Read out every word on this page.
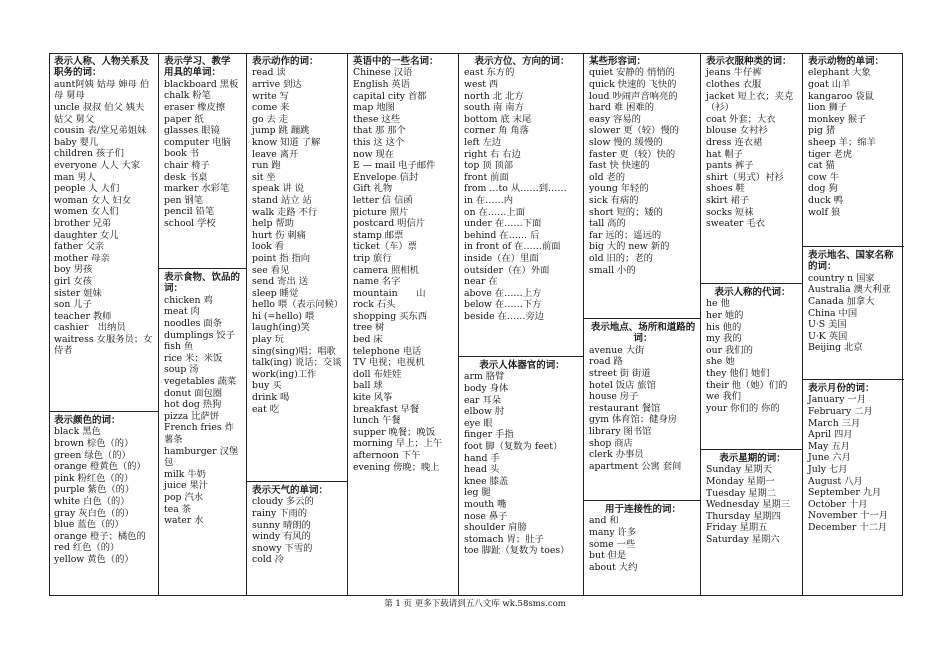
表示人称、人物关系及职务的词：
aunt阿姨 姑母 婶母 伯母 舅母
uncle 叔叔 伯父 姨夫 姑父 舅父
cousin 表/堂兄弟姐妹
baby 婴儿
children 孩子们
everyone 人人 大家
man 男人
people 人 人们
woman 女人 妇女
women 女人们
brother 兄弟
daughter 女儿
father 父亲
mother 母亲
boy 男孩
girl 女孩
sister 姐妹
son 儿子
teacher 教师
cashier　出纳员
waitress 女服务员；女侍者
表示颜色的词：
black 黑色
brown 棕色（的）
green 绿色（的）
orange 橙黄色（的）
pink 粉红色（的）
purple 紫色（的）
white 白色（的）
gray 灰白色（的）
blue 蓝色（的）
orange 橙子；橘色的
red 红色（的）
yellow 黄色（的）
表示学习、教学
用具的单词：
blackboard 黑板
chalk 粉笔
eraser 橡皮擦
paper 纸
glasses 眼镜
computer 电脑
book 书
chair 椅子
desk 书桌
marker 水彩笔
pen 钢笔
pencil 铅笔
school 学校
表示食物、饮品的词：
chicken 鸡
meat 肉
noodles 面条
dumplings 饺子
fish 鱼
rice 米；米饭
soup 汤
vegetables 蔬菜
donut 面包圈
hot dog 热狗
pizza 比萨饼
French fries 炸薯条
hamburger 汉堡包
milk 牛奶
juice 果汁
pop 汽水
tea 茶
water 水
表示动作的词：
read 读
arrive 到达
write 写
come 来
go 去 走
jump 跳 蹦跳
know 知道 了解
leave 离开
run 跑
sit 坐
speak 讲 说
stand 站立 站
walk 走路 不行
help 帮助
hurt 伤 刺痛
look 看
point 指 指向
see 看见
send 寄出 送
sleep 睡觉
hello 喂（表示问候）
hi (=hello) 喂
laugh(ing)笑
play 玩
sing(sing)唱；唱歌
talk(ing) 说话；交谈
work(ing)工作
buy 买
drink 喝
eat 吃
表示天气的单词：
cloudy 多云的
rainy 下雨的
sunny 晴朗的
windy 有风的
snowy 下雪的
cold 冷
英语中的一些名词：
Chinese 汉语
English 英语
capital city 首都
map 地图
these 这些
that 那 那个
this 这 这个
now 现在
E — mail 电子邮件
Envelope 信封
Gift 礼物
letter 信 信函
picture 照片
postcard 明信片
stamp 邮票
ticket（车）票
trip 旅行
camera 照相机
name 名字
mountain　　山
rock 石头
shopping 买东西
tree 树
bed 床
telephone 电话
TV 电视；电视机
doll 布娃娃
ball 球
kite 风筝
breakfast 早餐
lunch 午餐
supper 晚餐；晚饭
morning 早上；上午
afternoon 下午
evening 傍晚；晚上
表示方位、方向的词：
east 东方的
west 西
north 北 北方
south 南 南方
bottom 底 末尾
corner 角 角落
left 左边
right 右 右边
top 顶 顶部
front 前面
from …to 从……到……
in 在……内
on 在……上面
under 在……下面
behind 在…… 后
in front of 在……前面
inside（在）里面
outsider（在）外面
near 在
above 在……上方
below 在……下方
beside 在……旁边
表示人体器官的词：
arm 胳臂
body 身体
ear 耳朵
elbow 肘
eye 眼
finger 手指
foot 脚（复数为 feet）
hand 手
head 头
knee 膝盖
leg 腿
mouth 嘴
nose 鼻子
shoulder 肩膀
stomach 胃；肚子
toe 脚趾（复数为 toes）
某些形容词：
quiet 安静的 悄悄的
quick 快速的 飞快的
loud 吵闹声音响亮的
hard 难 困难的
easy 容易的
slower 更（较）慢的
slow 慢的 缓慢的
faster 更（较）快的
fast 快 快速的
old 老的
young 年轻的
sick 有病的
short 短的；矮的
tall 高的
far 远的；遥远的
big 大的 new 新的
old 旧的；老的
small 小的
表示地点、场所和道路的词：
avenue 大街
road 路
street 街 街道
hotel 饭店 旅馆
house 房子
restaurant 餐馆
gym 体育馆；健身房
library 图书馆
shop 商店
clerk 办事员
apartment 公寓 套间
用于连接性的词：
and 和
many 许多
some 一些
but 但是
about 大约
表示衣服种类的词：
jeans 牛仔裤
clothes 衣服
jacket 短上衣；夹克（衫）
coat 外套；大衣
blouse 女衬衫
dress 连衣裙
hat 帽子
pants 裤子
shirt（男式）衬衫
shoes 鞋
skirt 裙子
socks 短袜
sweater 毛衣
表示人称的代词：
he 他
her 她的
his 他的
my 我的
our 我们的
she 她
they 他们 她们
their 他（她）们的
we 我们
your 你们的 你的
表示星期的词：
Sunday 星期天
Monday 星期一
Tuesday 星期二
Wednesday 星期三
Thursday 星期四
Friday 星期五
Saturday 星期六
表示动物的单词：
elephant 大象
goat 山羊
kangaroo 袋鼠
lion 狮子
monkey 猴子
pig 猪
sheep 羊；绵羊
tiger 老虎
cat 猫
cow 牛
dog 狗
duck 鸭
wolf 狼
表示地名、国家名称的词：
country n 国家
Australia 澳大利亚
Canada 加拿大
China 中国
U·S 美国
U·K 英国
Beijing 北京
表示月份的词：
January 一月
February 二月
March 三月
April 四月
May 五月
June 六月
July 七月
August 八月
September 九月
October 十月
November 十一月
December 十二月
第 1 页 更多下载请到五八文库 wk.58sms.com
